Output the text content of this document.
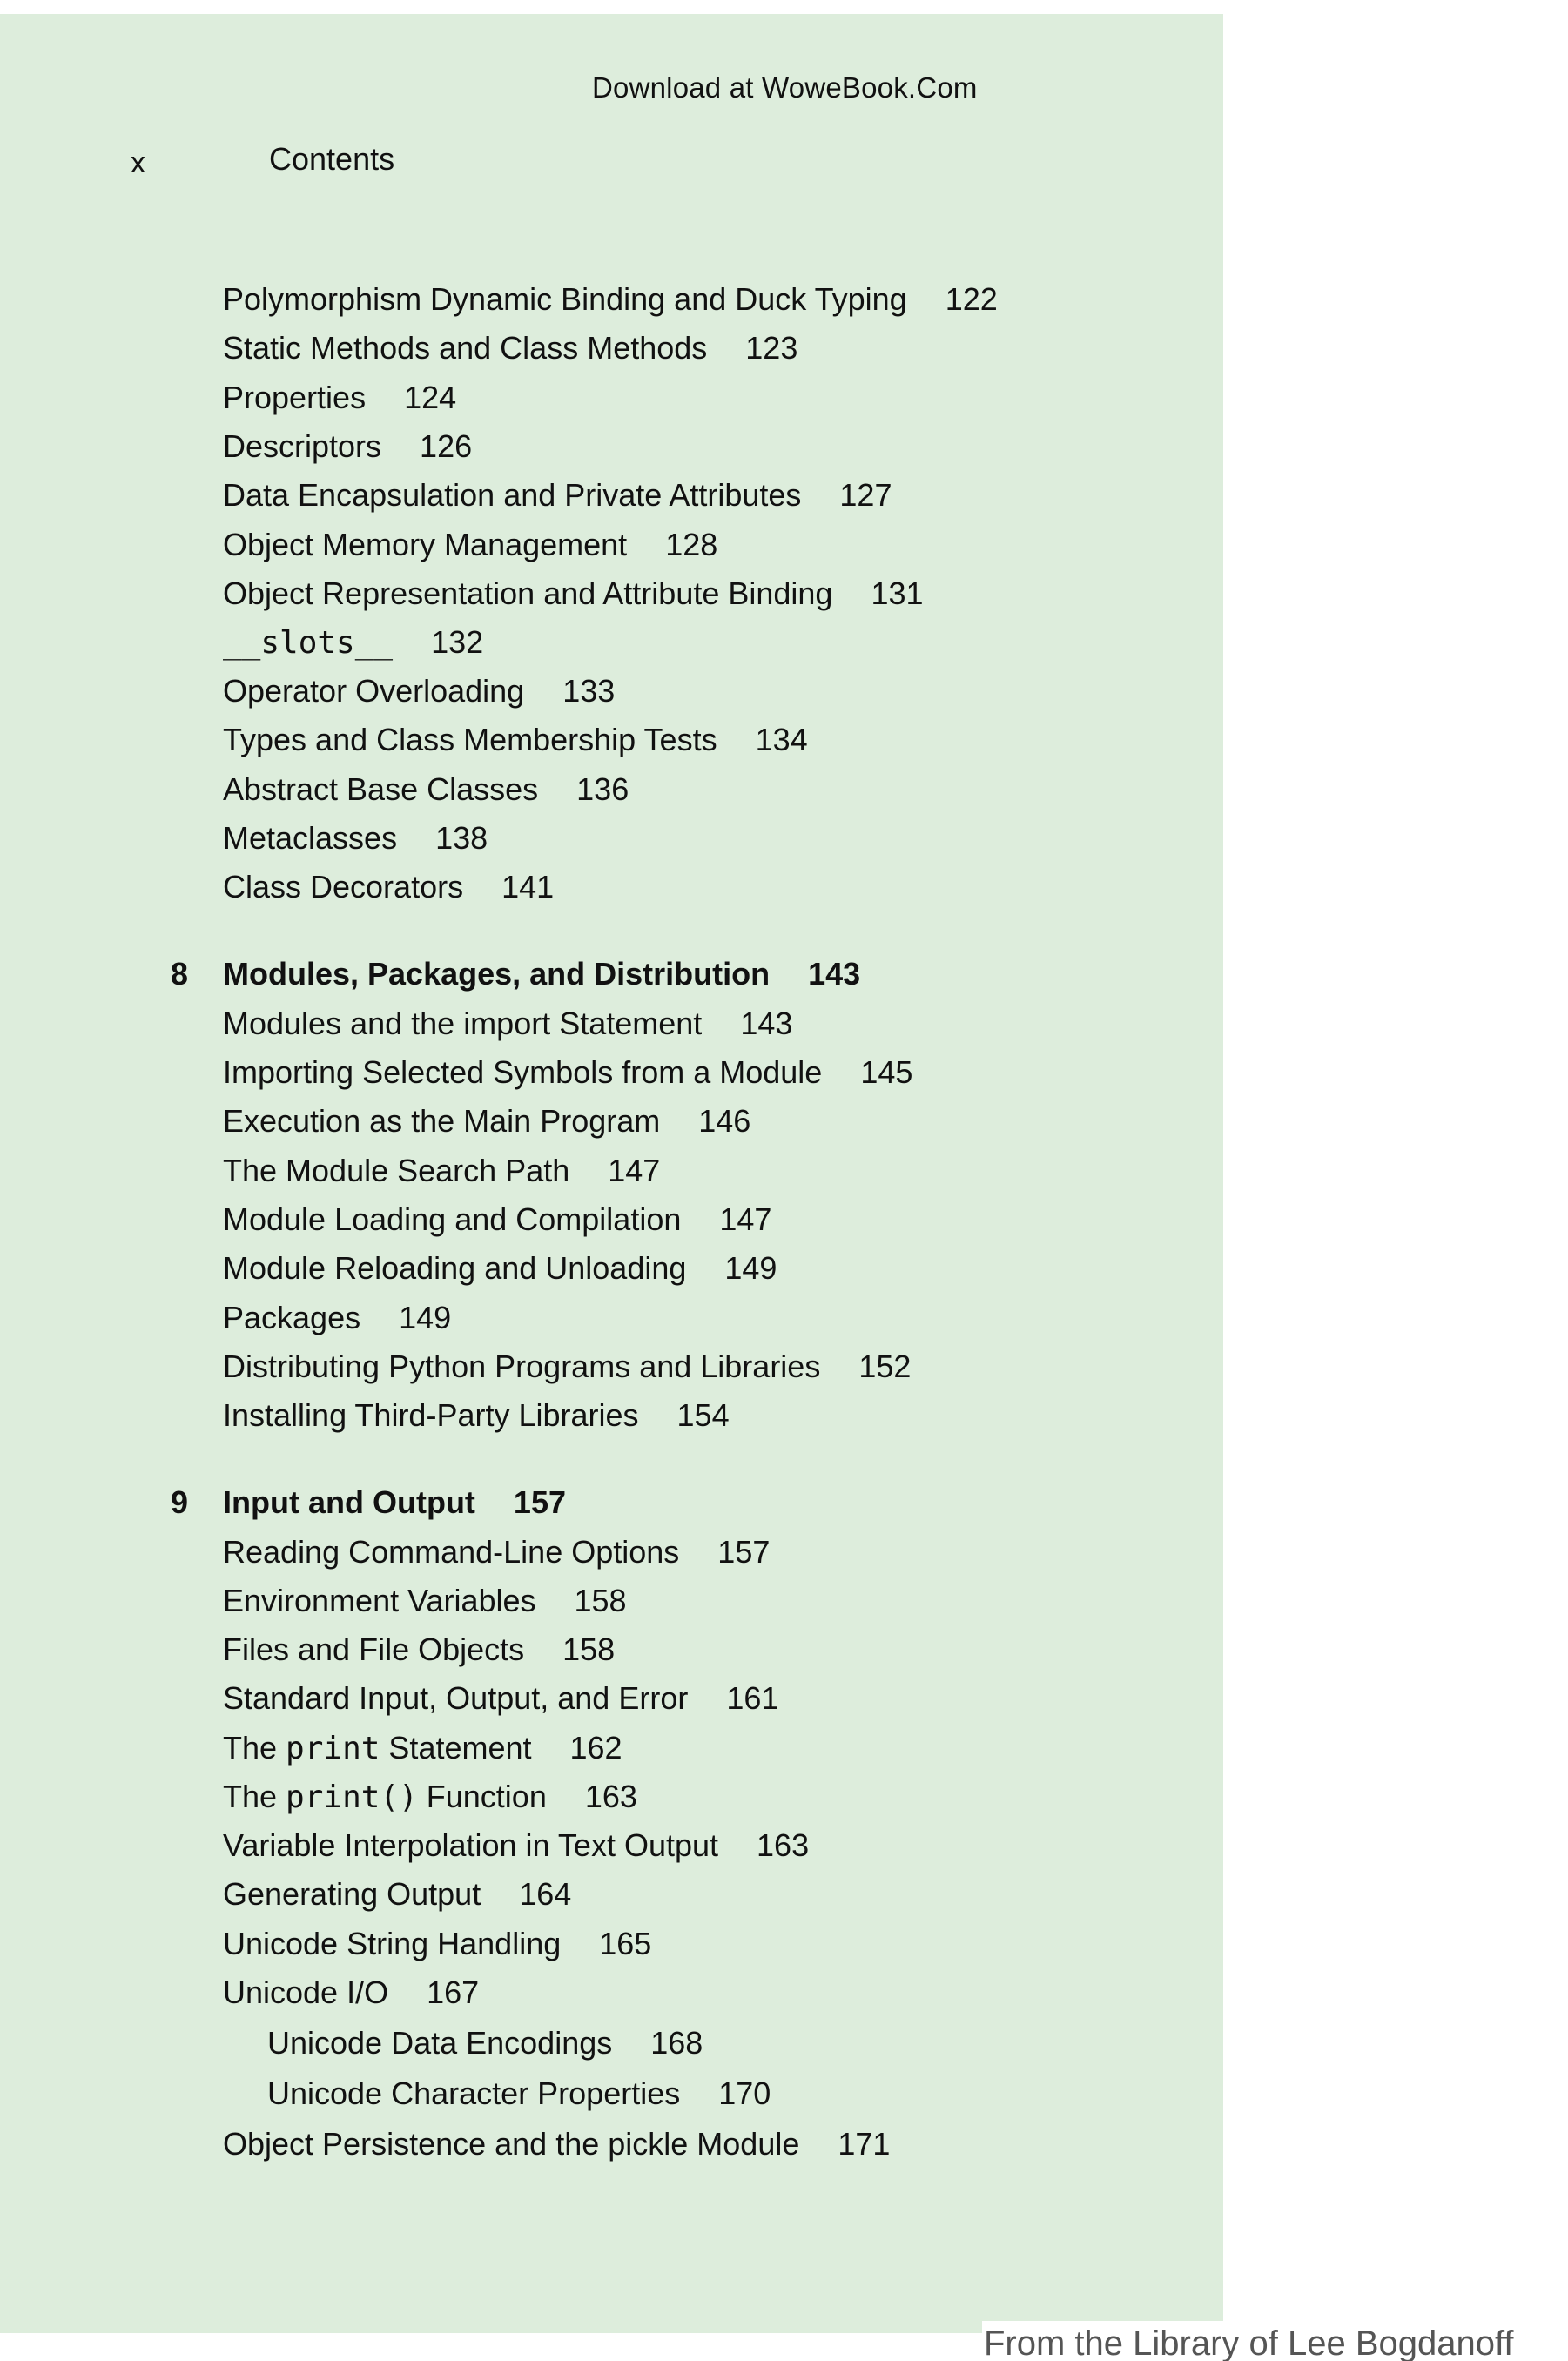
Download at WoweBook.Com
x	Contents
Polymorphism Dynamic Binding and Duck Typing 122
Static Methods and Class Methods 123
Properties 124
Descriptors 126
Data Encapsulation and Private Attributes 127
Object Memory Management 128
Object Representation and Attribute Binding 131
__slots__ 132
Operator Overloading 133
Types and Class Membership Tests 134
Abstract Base Classes 136
Metaclasses 138
Class Decorators 141
8 Modules, Packages, and Distribution 143
Modules and the import Statement 143
Importing Selected Symbols from a Module 145
Execution as the Main Program 146
The Module Search Path 147
Module Loading and Compilation 147
Module Reloading and Unloading 149
Packages 149
Distributing Python Programs and Libraries 152
Installing Third-Party Libraries 154
9 Input and Output 157
Reading Command-Line Options 157
Environment Variables 158
Files and File Objects 158
Standard Input, Output, and Error 161
The print Statement 162
The print() Function 163
Variable Interpolation in Text Output 163
Generating Output 164
Unicode String Handling 165
Unicode I/O 167
Unicode Data Encodings 168
Unicode Character Properties 170
Object Persistence and the pickle Module 171
From the Library of Lee Bogdanoff
